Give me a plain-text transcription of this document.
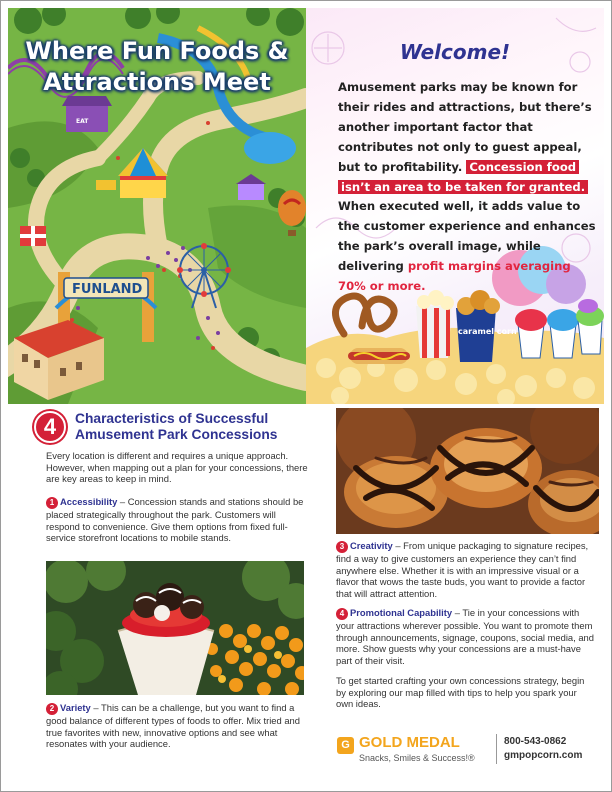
EAT
FUNLAND
Where Fun Foods & Attractions Meet
caramel corn
Welcome!
Amusement parks may be known for their rides and attractions, but there’s another important factor that contributes not only to guest appeal, but to profitability. Concession food isn’t an area to be taken for granted. When executed well, it adds value to the customer experience and enhances the park’s overall image, while delivering profit margins averaging 70% or more.
4	Characteristics of Successful Amusement Park Concessions

Every location is different and requires a unique approach. However, when mapping out a plan for your concessions, there are key areas to keep in mind.

1 Accessibility – Concession stands and stations should be placed strategically throughout the park. Customers will respond to convenience. Give them options from fixed full-service storefront locations to mobile stands.

2 Variety – This can be a challenge, but you want to find a good balance of different types of foods to offer. Mix tried and true favorites with new, innovative options and see what resonates with your audience.

3 Creativity – From unique packaging to signature recipes, find a way to give customers an experience they can’t find anywhere else. Whether it is with an impressive visual or a flavor that wows the taste buds, you want to provide a factor that will attract attention.

4 Promotional Capability – Tie in your concessions with your attractions wherever possible. You want to promote them through announcements, signage, coupons, social media, and more. Show guests why your concessions are a must-have part of their visit.

To get started crafting your own concessions strategy, begin by exploring our map filled with tips to help you spark your own ideas.

G GOLD MEDAL
Snacks, Smiles & Success!®
800-543-0862
gmpopcorn.com
